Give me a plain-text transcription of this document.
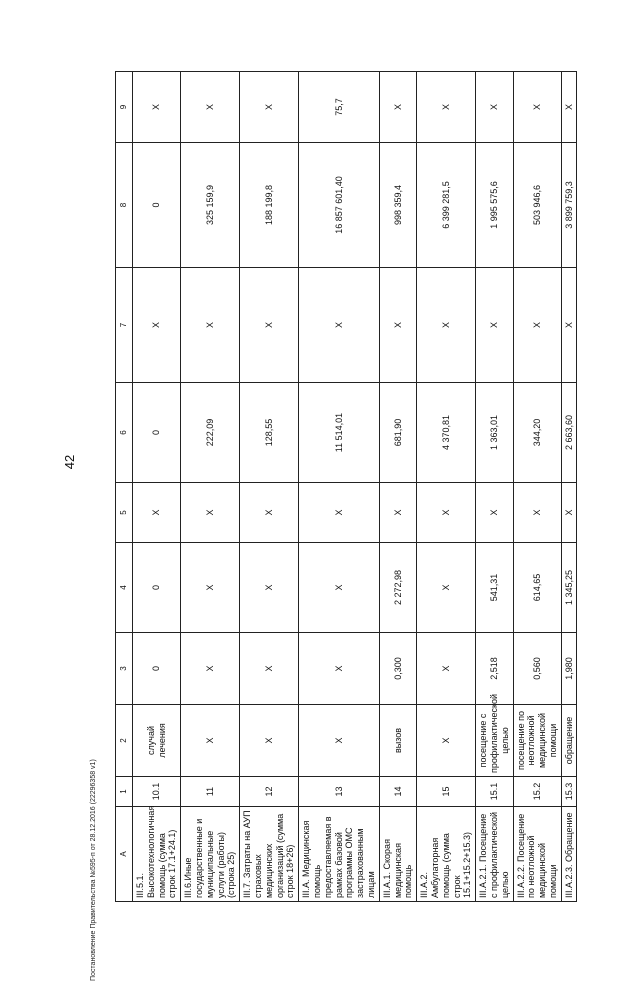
42
А	1	2	3	4	5	6	7	8	9
III.5.1. Высокотехнологичная помощь (сумма строк 17.1+24.1)	10.1	случай лечения	0	0	Х	0	Х	0	Х
III.6.Иные государственные и муниципальные услуги (работы) (строка 25)	11	Х	Х	Х	Х	222,09	Х	325 159,9	Х
III.7. Затраты на АУП страховых медицинских организаций (сумма строк 18+26)	12	Х	Х	Х	Х	128,55	Х	188 199,8	Х
III.А. Медицинская помощь предоставляемая в рамках базовой программы ОМС застрахованным лицам	13	Х	Х	Х	Х	11 514,01	Х	16 857 601,40	75,7
III.А.1. Скорая медицинская помощь	14	вызов	0,300	2 272,98	Х	681,90	Х	998 359,4	Х
III.А.2. Амбулаторная помощь (сумма строк 15.1+15.2+15.3)	15	Х	Х	Х	Х	4 370,81	Х	6 399 281,5	Х
III.А.2.1. Посещение с профилактической целью	15.1	посещение с профилактической целью	2,518	541,31	Х	1 363,01	Х	1 995 575,6	Х
III.А.2.2. Посещение по неотложной медицинской помощи	15.2	посещение по неотложной медицинской помощи	0,560	614,65	Х	344,20	Х	503 946,6	Х
III.А.2.3. Обращение	15.3	обращение	1,980	1 345,25	Х	2 663,60	Х	3 899 759,3	Х
Постановление Правительства №595-п от 28.12.2016 (22296358 v1)
